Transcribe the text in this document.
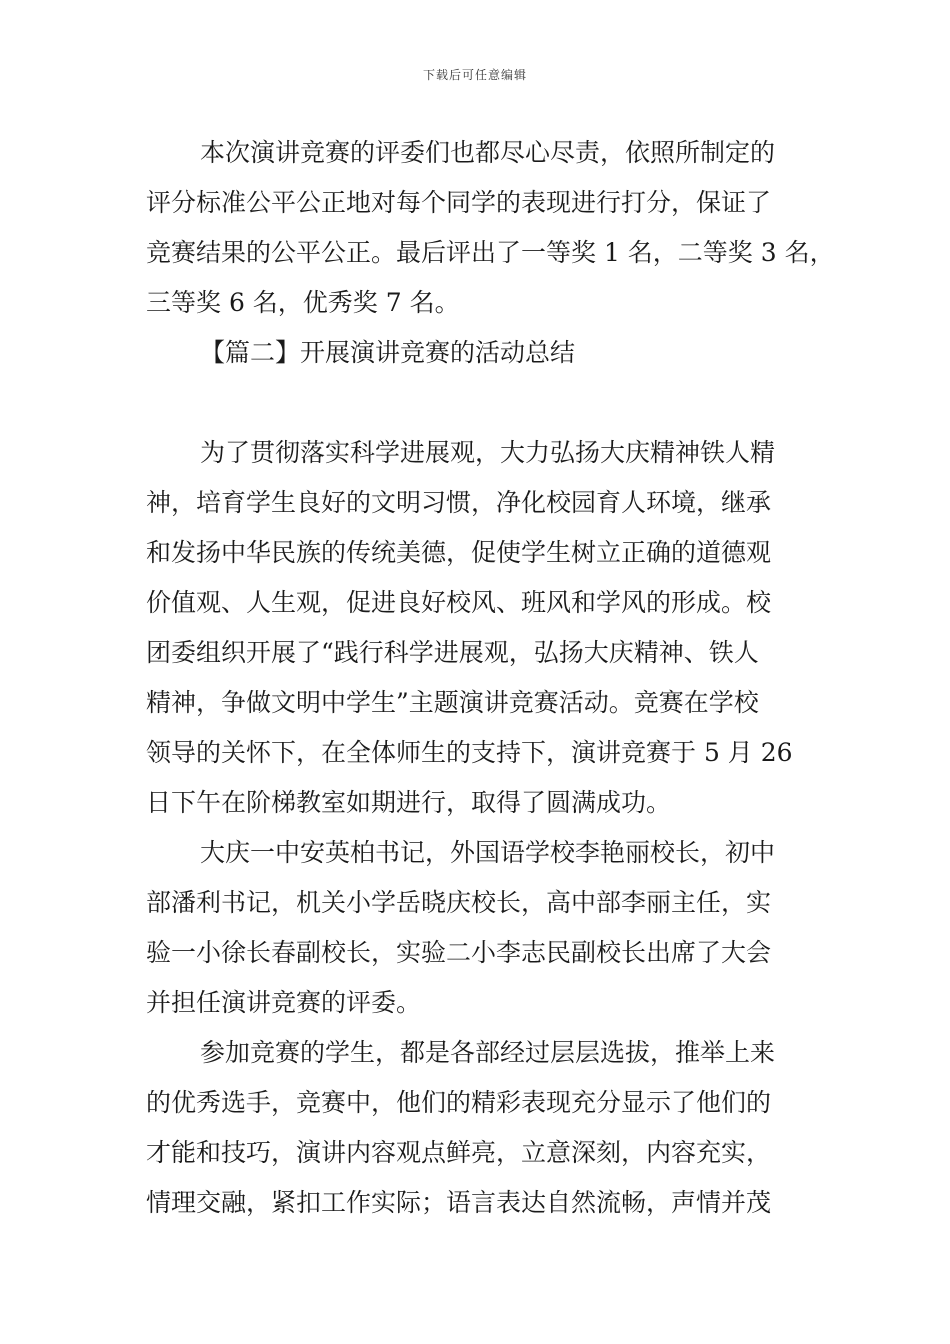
下载后可任意编辑
本次演讲竞赛的评委们也都尽心尽责，依照所制定的
评分标准公平公正地对每个同学的表现进行打分，保证了
竞赛结果的公平公正。最后评出了一等奖 1 名，二等奖 3 名，
三等奖 6 名，优秀奖 7 名。
【篇二】开展演讲竞赛的活动总结
为了贯彻落实科学进展观，大力弘扬大庆精神铁人精
神，培育学生良好的文明习惯，净化校园育人环境，继承
和发扬中华民族的传统美德，促使学生树立正确的道德观
价值观、人生观，促进良好校风、班风和学风的形成。校
团委组织开展了“践行科学进展观，弘扬大庆精神、铁人
精神，争做文明中学生”主题演讲竞赛活动。竞赛在学校
领导的关怀下，在全体师生的支持下，演讲竞赛于 5 月 26
日下午在阶梯教室如期进行，取得了圆满成功。
大庆一中安英柏书记，外国语学校李艳丽校长，初中
部潘利书记，机关小学岳晓庆校长，高中部李丽主任，实
验一小徐长春副校长，实验二小李志民副校长出席了大会
并担任演讲竞赛的评委。
参加竞赛的学生，都是各部经过层层选拔，推举上来
的优秀选手，竞赛中，他们的精彩表现充分显示了他们的
才能和技巧，演讲内容观点鲜亮，立意深刻，内容充实，
情理交融，紧扣工作实际；语言表达自然流畅，声情并茂
